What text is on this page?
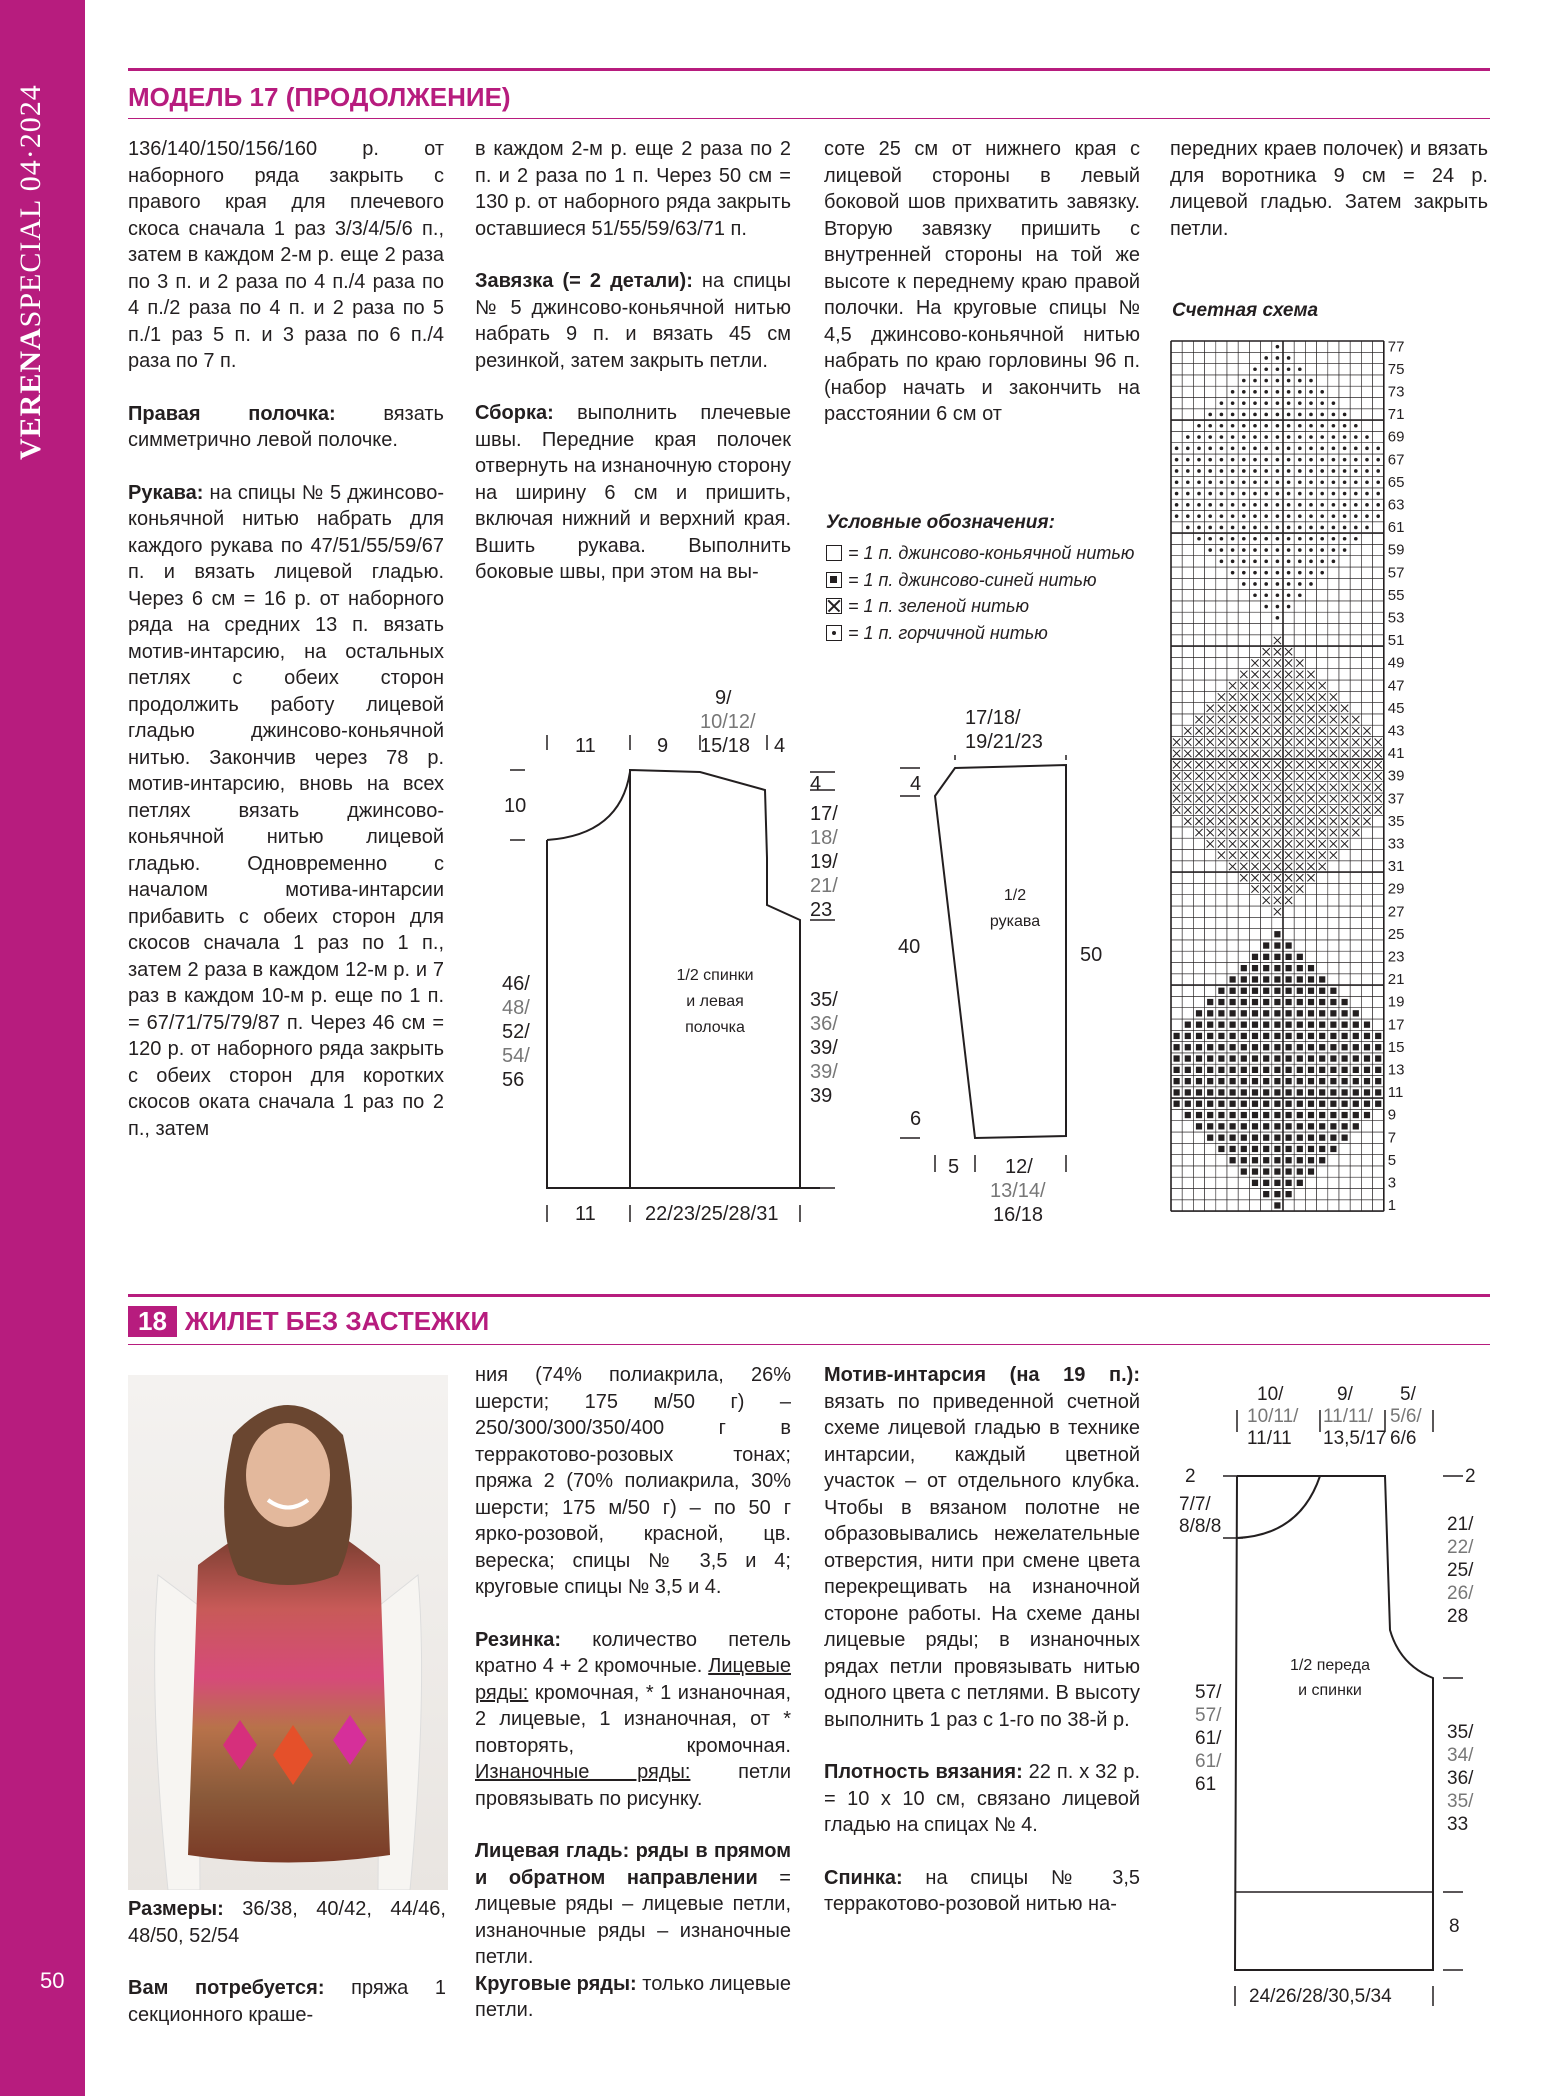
VERENASPECIAL 04·2024
50
МОДЕЛЬ 17 (ПРОДОЛЖЕНИЕ)

136/140/150/156/160 р. от наборного ряда закрыть с правого края для плечевого скоса сначала 1 раз 3/3/4/5/6 п., затем в каждом 2-м р. еще 2 раза по 3 п. и 2 раза по 4 п./4 раза по 4 п./2 раза по 4 п. и 2 раза по 5 п./1 раз 5 п. и 3 раза по 6 п./4 раза по 7 п.

Правая полочка: вязать симметрично левой полочке.

Рукава: на спицы № 5 джинсово-коньячной нитью набрать для каждого рукава по 47/51/55/59/67 п. и вязать лицевой гладью. Через 6 см = 16 р. от наборного ряда на средних 13 п. вязать мотив-интарсию, на остальных петлях с обеих сторон продолжить работу лицевой гладью джинсово-коньячной нитью. Закончив через 78 р. мотив-интарсию, вновь на всех петлях вязать джинсово-коньячной нитью лицевой гладью. Одновременно с началом мотива-интарсии прибавить с обеих сторон для скосов сначала 1 раз по 1 п., затем 2 раза в каждом 12-м р. и 7 раз в каждом 10-м р. еще по 1 п. = 67/71/75/79/87 п. Через 46 см = 120 р. от наборного ряда закрыть с обеих сторон для коротких скосов оката сначала 1 раз по 2 п., затем

в каждом 2-м р. еще 2 раза по 2 п. и 2 раза по 1 п. Через 50 см = 130 р. от наборного ряда закрыть оставшиеся 51/55/59/63/71 п.

Завязка (= 2 детали): на спицы № 5 джинсово-коньячной нитью набрать 9 п. и вязать 45 см резинкой, затем закрыть петли.

Сборка: выполнить плечевые швы. Передние края полочек отвернуть на изнаночную сторону на ширину 6 см и пришить, включая нижний и верхний края. Вшить рукава. Выполнить боковые швы, при этом на вы-

соте 25 см от нижнего края с лицевой стороны в левый боковой шов прихватить завязку. Вторую завязку пришить с внутренней стороны на той же высоте к переднему краю правой полочки. На круговые спицы № 4,5 джинсово-коньячной нитью набрать по краю горловины 96 п. (набор начать и закончить на расстоянии 6 см от

передних краев полочек) и вязать для воротника 9 см = 24 р. лицевой гладью. Затем закрыть петли.

Условные обозначения:
= 1 п. джинсово-коньячной нитью
= 1 п. джинсово-синей нитью
= 1 п. зеленой нитью
= 1 п. горчичной нитью
Счетная схема
77
75
73
71
69
67
65
63
61
59
57
55
53
51
49
47
45
43
41
39
37
35
33
31
29
27
25
23
21
19
17
15
13
11
9
7
5
3
1
11	9
9/
10/12/
15/18 4
10
4
17/
18/
19/
21/
23
46/
48/
52/
54/
56
35/
36/
39/
39/
39
11 22/23/25/28/31
1/2 спинки
и левая
полочка
17/18/
19/21/23
4
40	50
6
5 12/
13/14/
16/18
1/2
рукава
18 ЖИЛЕТ БЕЗ ЗАСТЕЖКИ

Размеры: 36/38, 40/42, 44/46, 48/50, 52/54

Вам потребуется: пряжа 1 секционного краше-

ния (74% полиакрила, 26% шерсти; 175 м/50 г) – 250/300/300/350/400 г в терракотово-розовых тонах; пряжа 2 (70% полиакрила, 30% шерсти; 175 м/50 г) – по 50 г ярко-розовой, красной, цв. вереска; спицы № 3,5 и 4; круговые спицы № 3,5 и 4.

Резинка: количество петель кратно 4 + 2 кромочные. Лицевые ряды: кромочная, * 1 изнаночная, 2 лицевые, 1 изнаночная, от * повторять, кромочная. Изнаночные ряды: петли провязывать по рисунку.

Лицевая гладь: ряды в прямом и обратном направлении = лицевые ряды – лицевые петли, изнаночные ряды – изнаночные петли.

Круговые ряды: только лицевые петли.

Мотив-интарсия (на 19 п.): вязать по приведенной счетной схеме лицевой гладью в технике интарсии, каждый цветной участок – от отдельного клубка. Чтобы в вязаном полотне не образовывались нежелательные отверстия, нити при смене цвета перекрещивать на изнаночной стороне работы. На схеме даны лицевые ряды; в изнаночных рядах петли провязывать нитью одного цвета с петлями. В высоту выполнить 1 раз с 1-го по 38-й р.

Плотность вязания: 22 п. х 32 р. = 10 х 10 см, связано лицевой гладью на спицах № 4.

Спинка: на спицы № 3,5 терракотово-розовой нитью на-

10/
10/11/
11/11
9/
11/11/
13,5/17
5/
5/6/
6/6
2
7/7/
8/8/8
2
21/
22/
25/
26/
28
57/
57/
61/
61/
61
35/
34/
36/
35/
33
8
24/26/28/30,5/34
1/2 переда
и спинки
